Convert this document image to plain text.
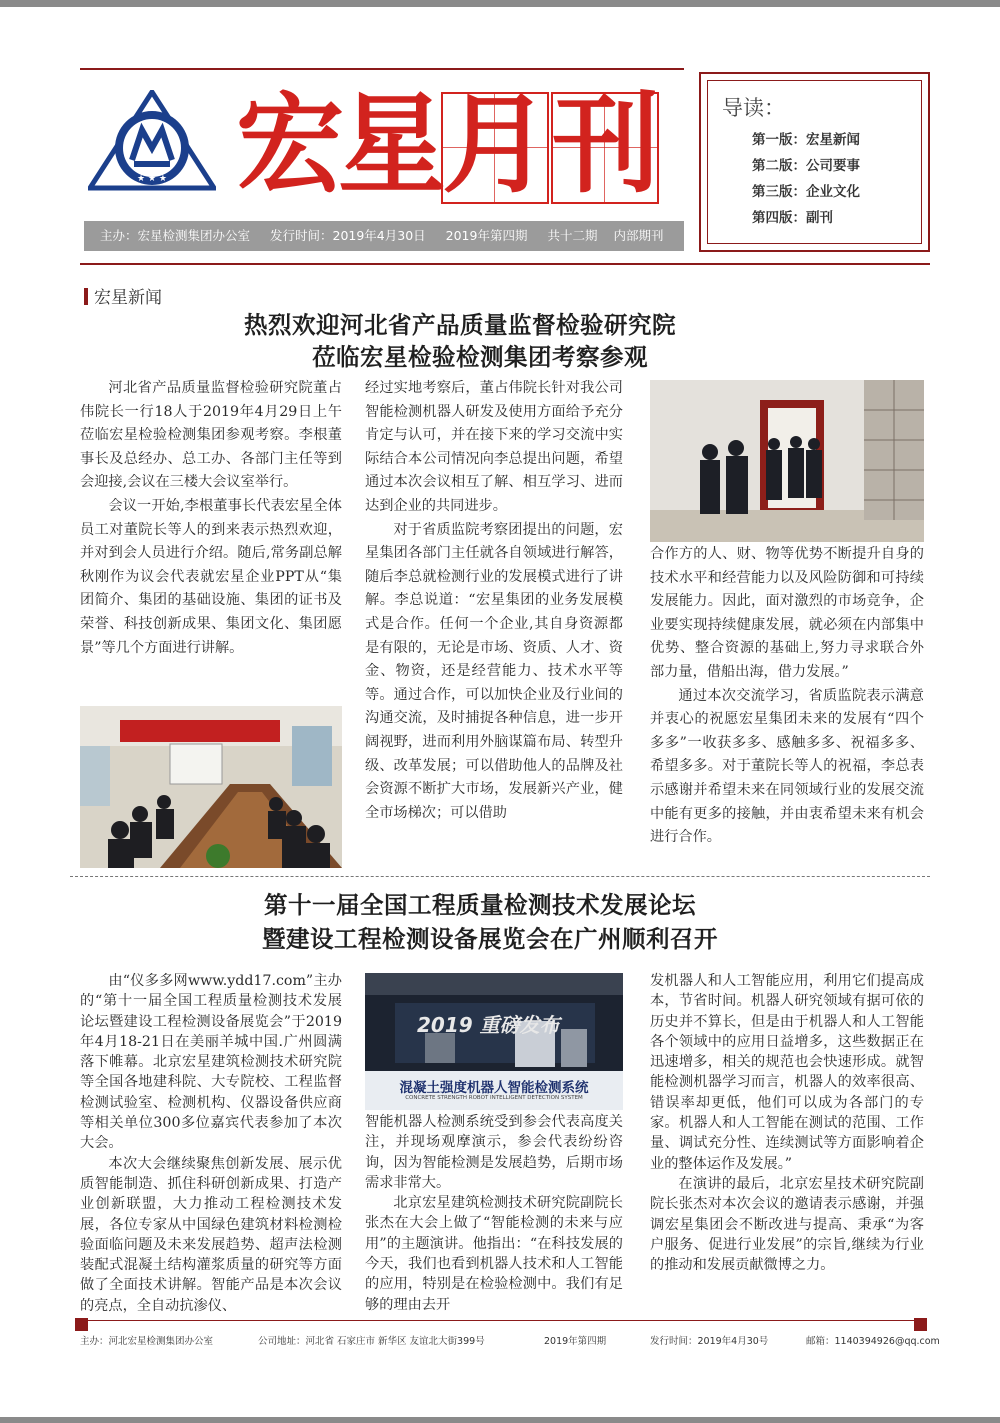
★ ★ ★ 宏
星
月 刊
主办：宏星检测集团办公室 发行时间：2019年4月30日 2019年第四期 共十二期 内部期刊
导读：
第一版：宏星新闻
第二版：公司要事
第三版：企业文化
第四版：副刊
宏星新闻
热烈欢迎河北省产品质量监督检验研究院
莅临宏星检验检测集团考察参观

河北省产品质量监督检验研究院董占伟院长一行18人于2019年4月29日上午莅临宏星检验检测集团参观考察。李根董事长及总经办、总工办、各部门主任等到会迎接,会议在三楼大会议室举行。

会议一开始,李根董事长代表宏星全体员工对董院长等人的到来表示热烈欢迎，并对到会人员进行介绍。随后,常务副总解秋刚作为议会代表就宏星企业PPT从“集团简介、集团的基础设施、集团的证书及荣誉、科技创新成果、集团文化、集团愿景”等几个方面进行讲解。

经过实地考察后，董占伟院长针对我公司智能检测机器人研发及使用方面给予充分肯定与认可，并在接下来的学习交流中实际结合本公司情况向李总提出问题，希望通过本次会议相互了解、相互学习、进而达到企业的共同进步。

对于省质监院考察团提出的问题，宏星集团各部门主任就各自领域进行解答，随后李总就检测行业的发展模式进行了讲解。李总说道：“宏星集团的业务发展模式是合作。任何一个企业,其自身资源都是有限的，无论是市场、资质、人才、资金、物资，还是经营能力、技术水平等等。通过合作，可以加快企业及行业间的沟通交流，及时捕捉各种信息，进一步开阔视野，进而利用外脑谋篇布局、转型升级、改革发展；可以借助他人的品牌及社会资源不断扩大市场，发展新兴产业，健全市场梯次；可以借助

合作方的人、财、物等优势不断提升自身的技术水平和经营能力以及风险防御和可持续发展能力。因此，面对激烈的市场竞争，企业要实现持续健康发展，就必须在内部集中优势、整合资源的基础上,努力寻求联合外部力量，借船出海，借力发展。”

通过本次交流学习，省质监院表示满意并衷心的祝愿宏星集团未来的发展有“四个多多”一收获多多、感触多多、祝福多多、希望多多。对于董院长等人的祝福，李总表示感谢并希望未来在同领域行业的发展交流中能有更多的接触，并由衷希望未来有机会进行合作。

第十一届全国工程质量检测技术发展论坛
暨建设工程检测设备展览会在广州顺利召开

由“仪多多网www.ydd17.com”主办的“第十一届全国工程质量检测技术发展论坛暨建设工程检测设备展览会”于2019年4月18-21日在美丽羊城中国.广州圆满落下帷幕。北京宏星建筑检测技术研究院等全国各地建科院、大专院校、工程监督检测试验室、检测机构、仪器设备供应商等相关单位300多位嘉宾代表参加了本次大会。

本次大会继续聚焦创新发展、展示优质智能制造、抓住科研创新成果、打造产业创新联盟，大力推动工程检测技术发展，各位专家从中国绿色建筑材料检测检验面临问题及未来发展趋势、超声法检测装配式混凝土结构灌浆质量的研究等方面做了全面技术讲解。智能产品是本次会议的亮点，全自动抗渗仪、

2019 重磅发布
混凝土强度机器人智能检测系统
CONCRETE STRENGTH ROBOT INTELLIGENT DETECTION SYSTEM

智能机器人检测系统受到参会代表高度关注，并现场观摩演示，参会代表纷纷咨询，因为智能检测是发展趋势，后期市场需求非常大。

北京宏星建筑检测技术研究院副院长张杰在大会上做了“智能检测的未来与应用”的主题演讲。他指出：“在科技发展的今天，我们也看到机器人技术和人工智能的应用，特别是在检验检测中。我们有足够的理由去开

发机器人和人工智能应用，利用它们提高成本，节省时间。机器人研究领域有据可依的历史并不算长，但是由于机器人和人工智能各个领域中的应用日益增多，这些数据正在迅速增多，相关的规范也会快速形成。就智能检测机器学习而言，机器人的效率很高、错误率却更低，他们可以成为各部门的专家。机器人和人工智能在测试的范围、工作量、调试充分性、连续测试等方面影响着企业的整体运作及发展。”

在演讲的最后，北京宏星技术研究院副院长张杰对本次会议的邀请表示感谢，并强调宏星集团会不断改进与提高、秉承“为客户服务、促进行业发展”的宗旨,继续为行业的推动和发展贡献微博之力。

主办：河北宏星检测集团办公室	公司地址：河北省 石家庄市 新华区 友谊北大街399号	2019年第四期	发行时间：2019年4月30号	邮箱：1140394926@qq.com
